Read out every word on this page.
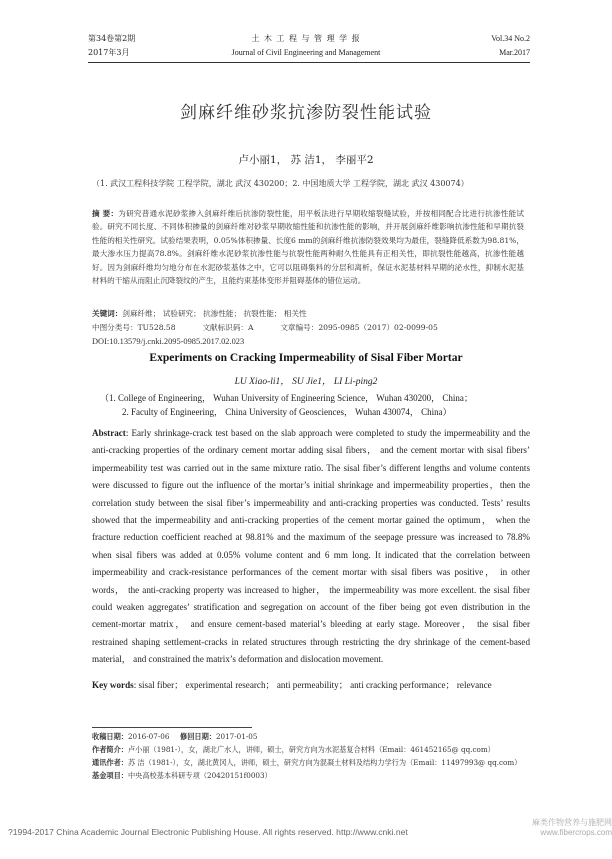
第34卷第2期
2017年3月
土 木 工 程 与 管 理 学 报
Journal of Civil Engineering and Management
Vol.34 No.2
Mar.2017
剑麻纤维砂浆抗渗防裂性能试验
卢小丽1， 苏 洁1， 李丽平2
（1. 武汉工程科技学院 工程学院，湖北 武汉 430200；2. 中国地质大学 工程学院，湖北 武汉 430074）
摘 要：为研究普通水泥砂浆掺入剑麻纤维后抗渗防裂性能，用平板法进行早期收缩裂缝试验，并按相同配合比进行抗渗性能试验。研究不同长度、不同体积掺量的剑麻纤维对砂浆早期收缩性能和抗渗性能的影响，并开展剑麻纤维影响抗渗性能和早期抗裂性能的相关性研究。试验结果表明，0.05%体积掺量、长度6 mm的剑麻纤维抗渗防裂效果均为最佳，裂缝降低系数为98.81%，最大渗水压力提高78.8%。剑麻纤维水泥砂浆抗渗性能与抗裂性能两种耐久性能具有正相关性，即抗裂性能越高，抗渗性能越好。因为剑麻纤维均匀地分布在水泥砂浆基体之中，它可以阻碍集料的分层和离析，保证水泥基材料早期的泌水性，抑制水泥基材料的干缩从而阻止沉降裂纹的产生，且能约束基体变形并阻碍基体的错位运动。
关键词：剑麻纤维； 试验研究； 抗渗性能； 抗裂性能； 相关性
中图分类号：TU528.58	文献标识码：A	文章编号：2095-0985（2017）02-0099-05
DOI:10.13579/j.cnki.2095-0985.2017.02.023
Experiments on Cracking Impermeability of Sisal Fiber Mortar
LU Xiao-li1， SU Jie1， LI Li-ping2
（1. College of Engineering， Wuhan University of Engineering Science， Wuhan 430200， China；
2. Faculty of Engineering， China University of Geosciences， Wuhan 430074， China）
Abstract: Early shrinkage-crack test based on the slab approach were completed to study the impermeability and the anti-cracking properties of the ordinary cement mortar adding sisal fibers， and the cement mortar with sisal fibers’ impermeability test was carried out in the same mixture ratio. The sisal fiber’s different lengths and volume contents were discussed to figure out the influence of the mortar’s initial shrinkage and impermeability properties，then the correlation study between the sisal fiber’s impermeability and anti-cracking properties was conducted. Tests’ results showed that the impermeability and anti-cracking properties of the cement mortar gained the optimum， when the fracture reduction coefficient reached at 98.81% and the maximum of the seepage pressure was increased to 78.8% when sisal fibers was added at 0.05% volume content and 6 mm long. It indicated that the correlation between impermeability and crack-resistance performances of the cement mortar with sisal fibers was positive， in other words， the anti-cracking property was increased to higher， the impermeability was more excellent. the sisal fiber could weaken aggregates’ stratification and segregation on account of the fiber being got even distribution in the cement-mortar matrix， and ensure cement-based material’s bleeding at early stage. Moreover， the sisal fiber restrained shaping settlement-cracks in related structures through restricting the dry shrinkage of the cement-based material， and constrained the matrix’s deformation and dislocation movement.
Key words: sisal fiber； experimental research； anti permeability； anti cracking performance； relevance
收稿日期：2016-07-06 修回日期：2017-01-05
作者简介：卢小丽（1981-），女，湖北广水人，讲师，硕士，研究方向为水泥基复合材料（Email：461452165@ qq.com）
通讯作者：苏 洁（1981-），女，湖北黄冈人，讲师，硕士，研究方向为混凝土材料及结构力学行为（Email：11497993@ qq.com）
基金项目：中央高校基本科研专项（20420151f0003）
?1994-2017 China Academic Journal Electronic Publishing House. All rights reserved. http://www.cnki.net
麻类作物营养与施肥网 www.fibercrops.com
